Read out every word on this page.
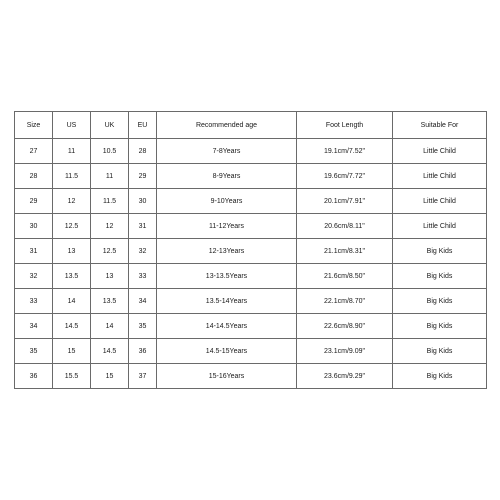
Size	US	UK	EU	Recommended age	Foot Length	Suitable For
27	11	10.5	28	7-8Years	19.1cm/7.52"	Little Child
28	11.5	11	29	8-9Years	19.6cm/7.72"	Little Child
29	12	11.5	30	9-10Years	20.1cm/7.91"	Little Child
30	12.5	12	31	11-12Years	20.6cm/8.11"	Little Child
31	13	12.5	32	12-13Years	21.1cm/8.31"	Big Kids
32	13.5	13	33	13-13.5Years	21.6cm/8.50"	Big Kids
33	14	13.5	34	13.5-14Years	22.1cm/8.70"	Big Kids
34	14.5	14	35	14-14.5Years	22.6cm/8.90"	Big Kids
35	15	14.5	36	14.5-15Years	23.1cm/9.09"	Big Kids
36	15.5	15	37	15-16Years	23.6cm/9.29"	Big Kids
